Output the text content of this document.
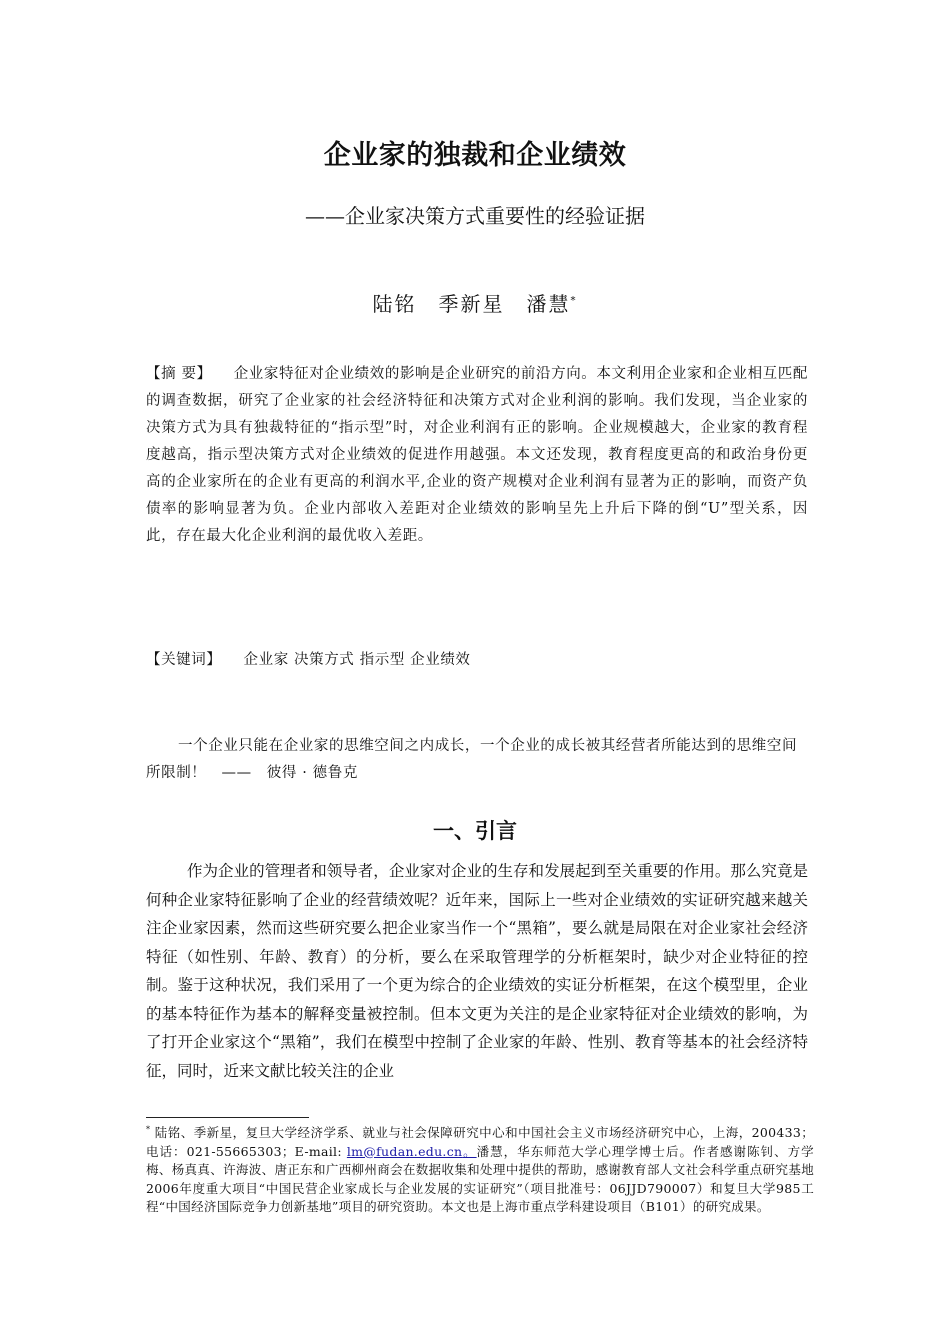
企业家的独裁和企业绩效
——企业家决策方式重要性的经验证据
陆铭　季新星　潘慧*
【摘 要】 企业家特征对企业绩效的影响是企业研究的前沿方向。本文利用企业家和企业相互匹配的调查数据，研究了企业家的社会经济特征和决策方式对企业利润的影响。我们发现，当企业家的决策方式为具有独裁特征的“指示型”时，对企业利润有正的影响。企业规模越大，企业家的教育程度越高，指示型决策方式对企业绩效的促进作用越强。本文还发现，教育程度更高的和政治身份更高的企业家所在的企业有更高的利润水平,企业的资产规模对企业利润有显著为正的影响，而资产负债率的影响显著为负。企业内部收入差距对企业绩效的影响呈先上升后下降的倒“U”型关系，因此，存在最大化企业利润的最优收入差距。
【关键词】 企业家 决策方式 指示型 企业绩效
一个企业只能在企业家的思维空间之内成长，一个企业的成长被其经营者所能达到的思维空间所限制！　——　彼得 · 德鲁克
一、引言
作为企业的管理者和领导者，企业家对企业的生存和发展起到至关重要的作用。那么究竟是何种企业家特征影响了企业的经营绩效呢？近年来，国际上一些对企业绩效的实证研究越来越关注企业家因素，然而这些研究要么把企业家当作一个“黑箱”，要么就是局限在对企业家社会经济特征（如性别、年龄、教育）的分析，要么在采取管理学的分析框架时，缺少对企业特征的控制。鉴于这种状况，我们采用了一个更为综合的企业绩效的实证分析框架，在这个模型里，企业的基本特征作为基本的解释变量被控制。但本文更为关注的是企业家特征对企业绩效的影响，为了打开企业家这个“黑箱”，我们在模型中控制了企业家的年龄、性别、教育等基本的社会经济特征，同时，近来文献比较关注的企业
* 陆铭、季新星，复旦大学经济学系、就业与社会保障研究中心和中国社会主义市场经济研究中心，上海，200433；电话：021-55665303；E-mail: lm@fudan.edu.cn。潘慧，华东师范大学心理学博士后。作者感谢陈钊、方学梅、杨真真、许海波、唐正东和广西柳州商会在数据收集和处理中提供的帮助，感谢教育部人文社会科学重点研究基地2006年度重大项目“中国民营企业家成长与企业发展的实证研究”（项目批准号：06JJD790007）和复旦大学985工程“中国经济国际竞争力创新基地”项目的研究资助。本文也是上海市重点学科建设项目（B101）的研究成果。
